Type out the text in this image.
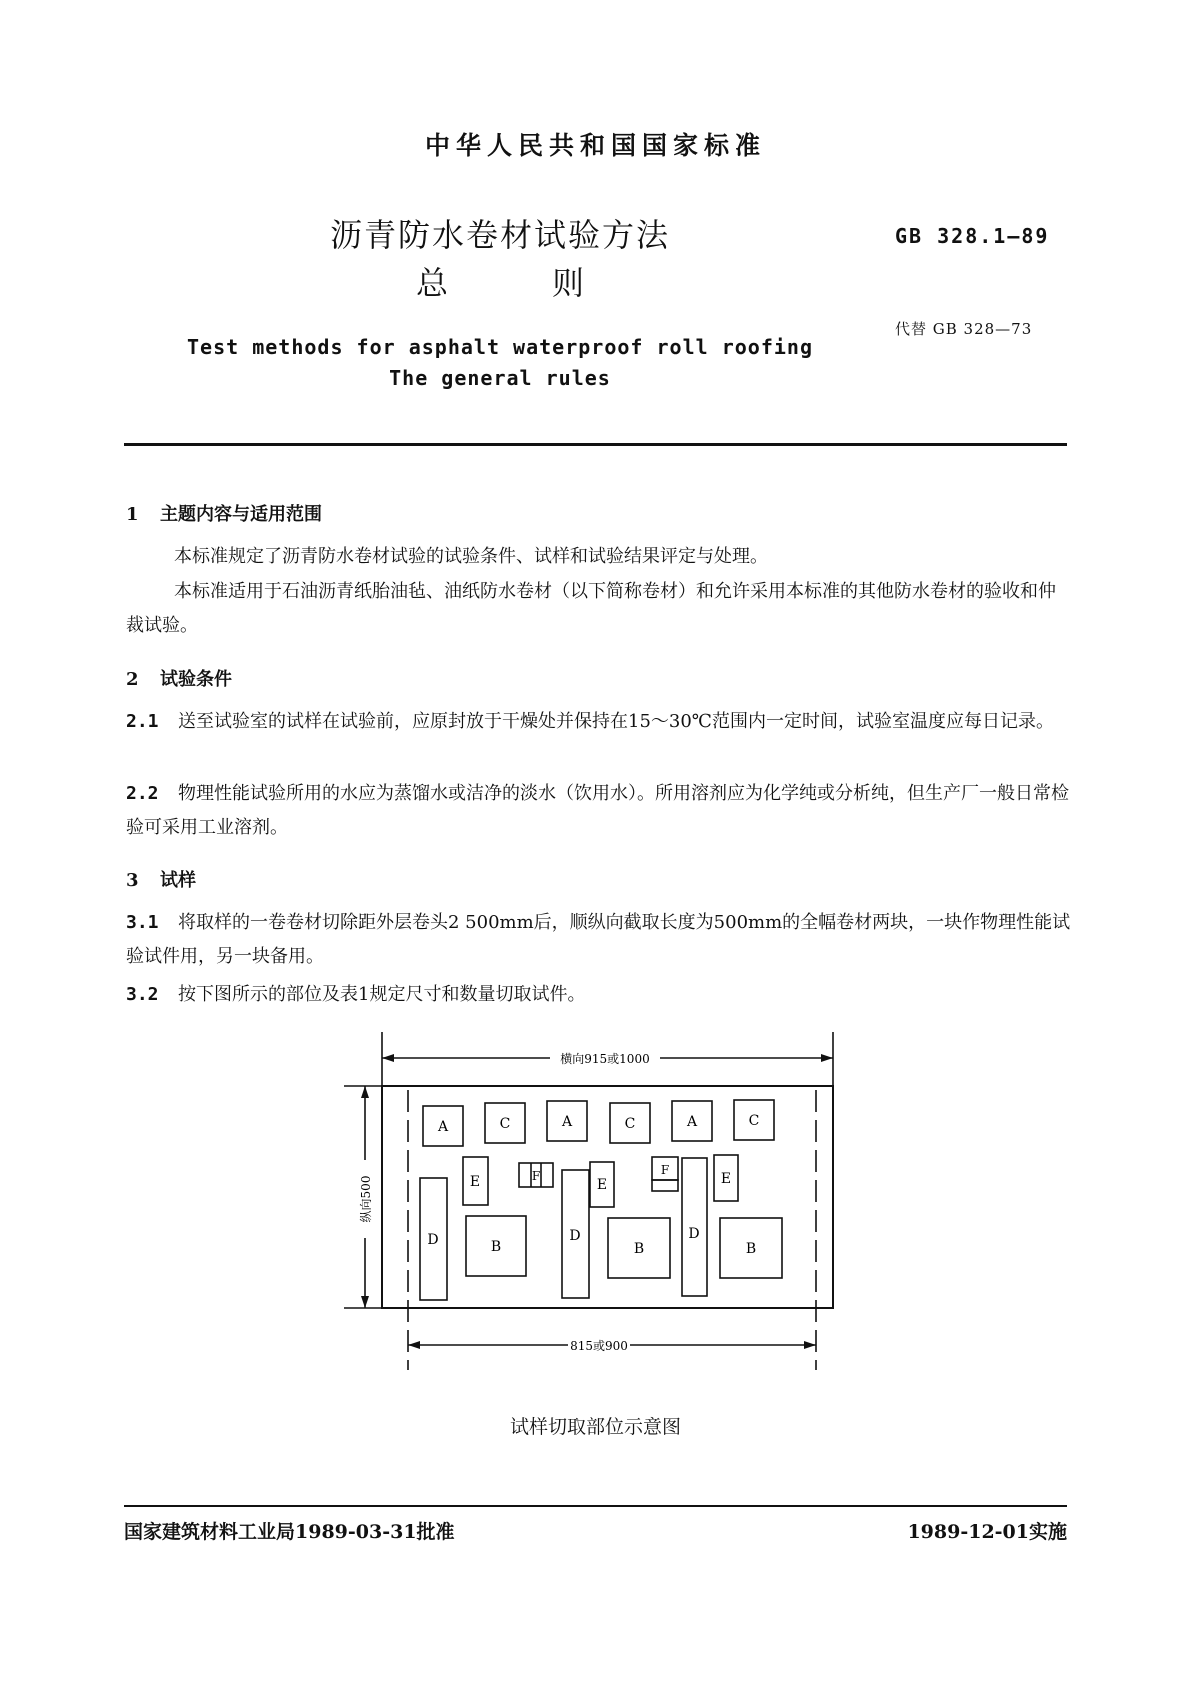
中华人民共和国国家标准
沥青防水卷材试验方法
总	则
GB 328.1—89
代替 GB 328—73
Test methods for asphalt waterproof roll roofing
The general rules
1 主题内容与适用范围
本标准规定了沥青防水卷材试验的试验条件、试样和试验结果评定与处理。
本标准适用于石油沥青纸胎油毡、油纸防水卷材（以下简称卷材）和允许采用本标准的其他防水卷材的验收和仲裁试验。
2 试验条件
2.1 送至试验室的试样在试验前，应原封放于干燥处并保持在15～30℃范围内一定时间，试验室温度应每日记录。
2.2 物理性能试验所用的水应为蒸馏水或洁净的淡水（饮用水）。所用溶剂应为化学纯或分析纯，但生产厂一般日常检验可采用工业溶剂。
3 试样
3.1 将取样的一卷卷材切除距外层卷头2 500mm后，顺纵向截取长度为500mm的全幅卷材两块，一块作物理性能试验试件用，另一块备用。
3.2 按下图所示的部位及表1规定尺寸和数量切取试件。
横向915或1000
纵向500
815或900
A	C	A	C	A	C
E	E	E
F	F
D	D	D
B	B	B
试样切取部位示意图
国家建筑材料工业局1989-03-31批准	1989-12-01实施
